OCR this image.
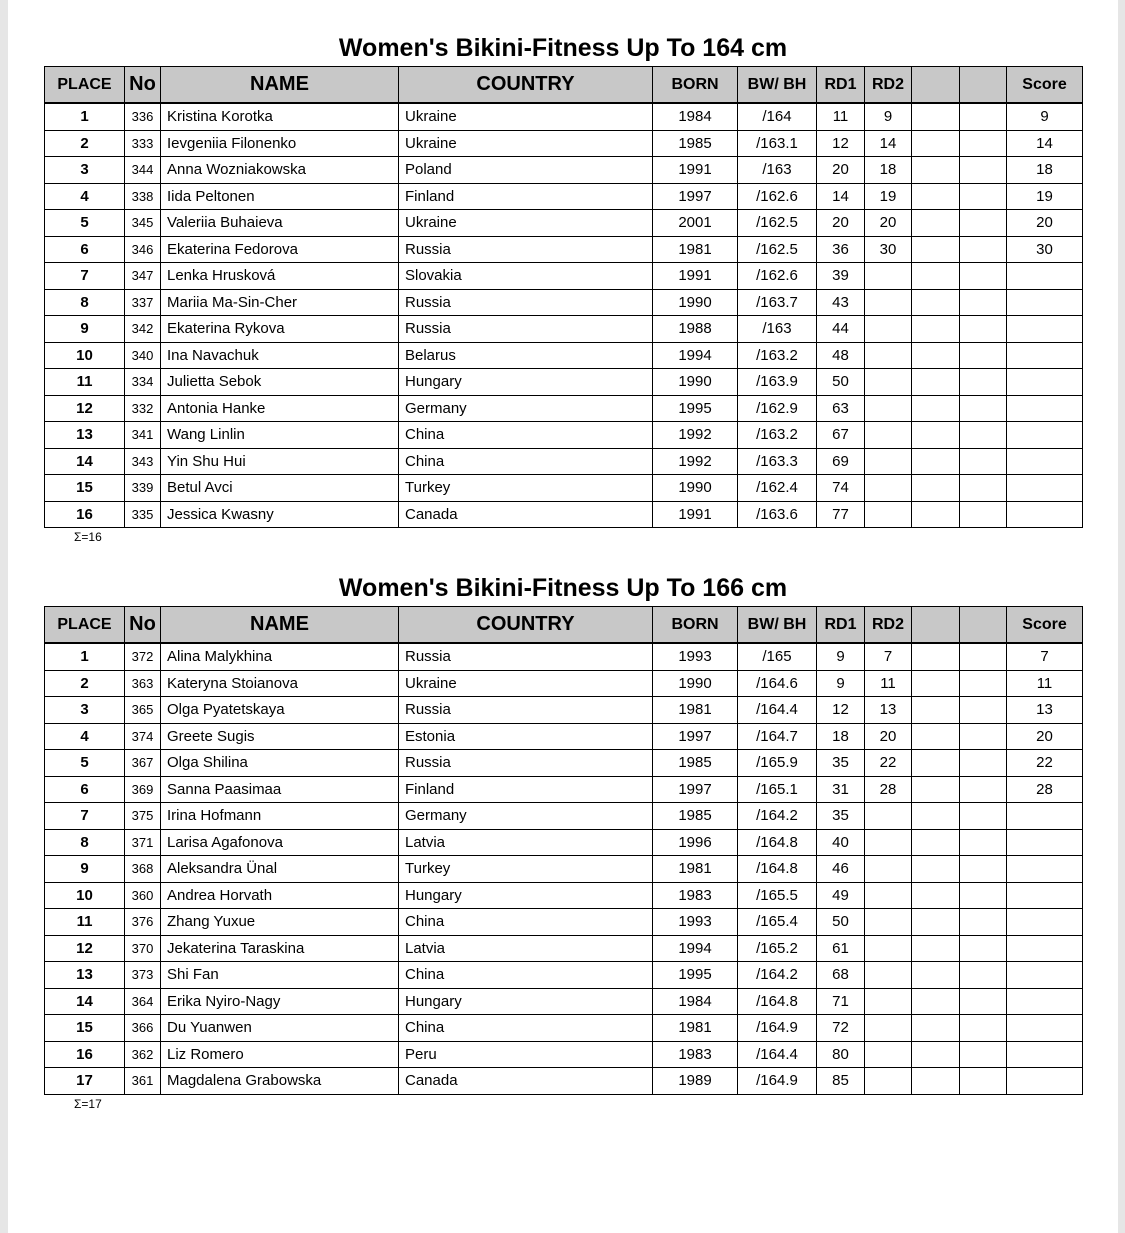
Women's Bikini-Fitness Up To 164 cm
PLACE	No	NAME	COUNTRY	BORN	BW/ BH	RD1	RD2			Score
1	336	Kristina Korotka	Ukraine	1984	/164	11	9			9
2	333	Ievgeniia Filonenko	Ukraine	1985	/163.1	12	14			14
3	344	Anna Wozniakowska	Poland	1991	/163	20	18			18
4	338	Iida Peltonen	Finland	1997	/162.6	14	19			19
5	345	Valeriia Buhaieva	Ukraine	2001	/162.5	20	20			20
6	346	Ekaterina Fedorova	Russia	1981	/162.5	36	30			30
7	347	Lenka Hrusková	Slovakia	1991	/162.6	39				
8	337	Mariia Ma-Sin-Cher	Russia	1990	/163.7	43				
9	342	Ekaterina Rykova	Russia	1988	/163	44				
10	340	Ina Navachuk	Belarus	1994	/163.2	48				
11	334	Julietta Sebok	Hungary	1990	/163.9	50				
12	332	Antonia Hanke	Germany	1995	/162.9	63				
13	341	Wang Linlin	China	1992	/163.2	67				
14	343	Yin Shu Hui	China	1992	/163.3	69				
15	339	Betul Avci	Turkey	1990	/162.4	74				
16	335	Jessica Kwasny	Canada	1991	/163.6	77				
Σ=16
Women's Bikini-Fitness Up To 166 cm
PLACE	No	NAME	COUNTRY	BORN	BW/ BH	RD1	RD2			Score
1	372	Alina Malykhina	Russia	1993	/165	9	7			7
2	363	Kateryna Stoianova	Ukraine	1990	/164.6	9	11			11
3	365	Olga Pyatetskaya	Russia	1981	/164.4	12	13			13
4	374	Greete Sugis	Estonia	1997	/164.7	18	20			20
5	367	Olga Shilina	Russia	1985	/165.9	35	22			22
6	369	Sanna Paasimaa	Finland	1997	/165.1	31	28			28
7	375	Irina Hofmann	Germany	1985	/164.2	35				
8	371	Larisa Agafonova	Latvia	1996	/164.8	40				
9	368	Aleksandra Ünal	Turkey	1981	/164.8	46				
10	360	Andrea Horvath	Hungary	1983	/165.5	49				
11	376	Zhang Yuxue	China	1993	/165.4	50				
12	370	Jekaterina Taraskina	Latvia	1994	/165.2	61				
13	373	Shi Fan	China	1995	/164.2	68				
14	364	Erika Nyiro-Nagy	Hungary	1984	/164.8	71				
15	366	Du Yuanwen	China	1981	/164.9	72				
16	362	Liz Romero	Peru	1983	/164.4	80				
17	361	Magdalena Grabowska	Canada	1989	/164.9	85				
Σ=17
